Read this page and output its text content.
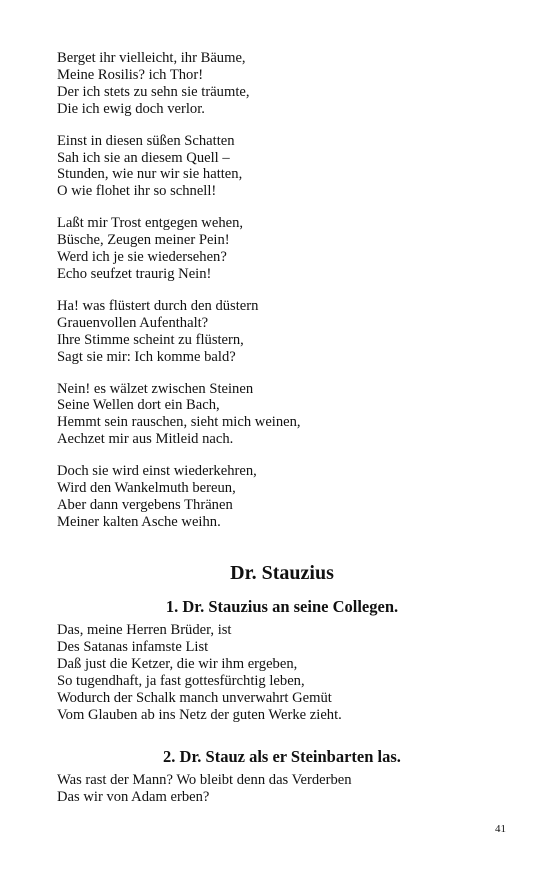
Berget ihr vielleicht, ihr Bäume,
Meine Rosilis? ich Thor!
Der ich stets zu sehn sie träumte,
Die ich ewig doch verlor.
Einst in diesen süßen Schatten
Sah ich sie an diesem Quell –
Stunden, wie nur wir sie hatten,
O wie flohet ihr so schnell!
Laßt mir Trost entgegen wehen,
Büsche, Zeugen meiner Pein!
Werd ich je sie wiedersehen?
Echo seufzet traurig Nein!
Ha! was flüstert durch den düstern
Grauenvollen Aufenthalt?
Ihre Stimme scheint zu flüstern,
Sagt sie mir: Ich komme bald?
Nein! es wälzet zwischen Steinen
Seine Wellen dort ein Bach,
Hemmt sein rauschen, sieht mich weinen,
Aechzet mir aus Mitleid nach.
Doch sie wird einst wiederkehren,
Wird den Wankelmuth bereun,
Aber dann vergebens Thränen
Meiner kalten Asche weihn.
Dr. Stauzius
1. Dr. Stauzius an seine Collegen.
Das, meine Herren Brüder, ist
Des Satanas infamste List
Daß just die Ketzer, die wir ihm ergeben,
So tugendhaft, ja fast gottesfürchtig leben,
Wodurch der Schalk manch unverwahrt Gemüt
Vom Glauben ab ins Netz der guten Werke zieht.
2. Dr. Stauz als er Steinbarten las.
Was rast der Mann? Wo bleibt denn das Verderben
Das wir von Adam erben?
41
